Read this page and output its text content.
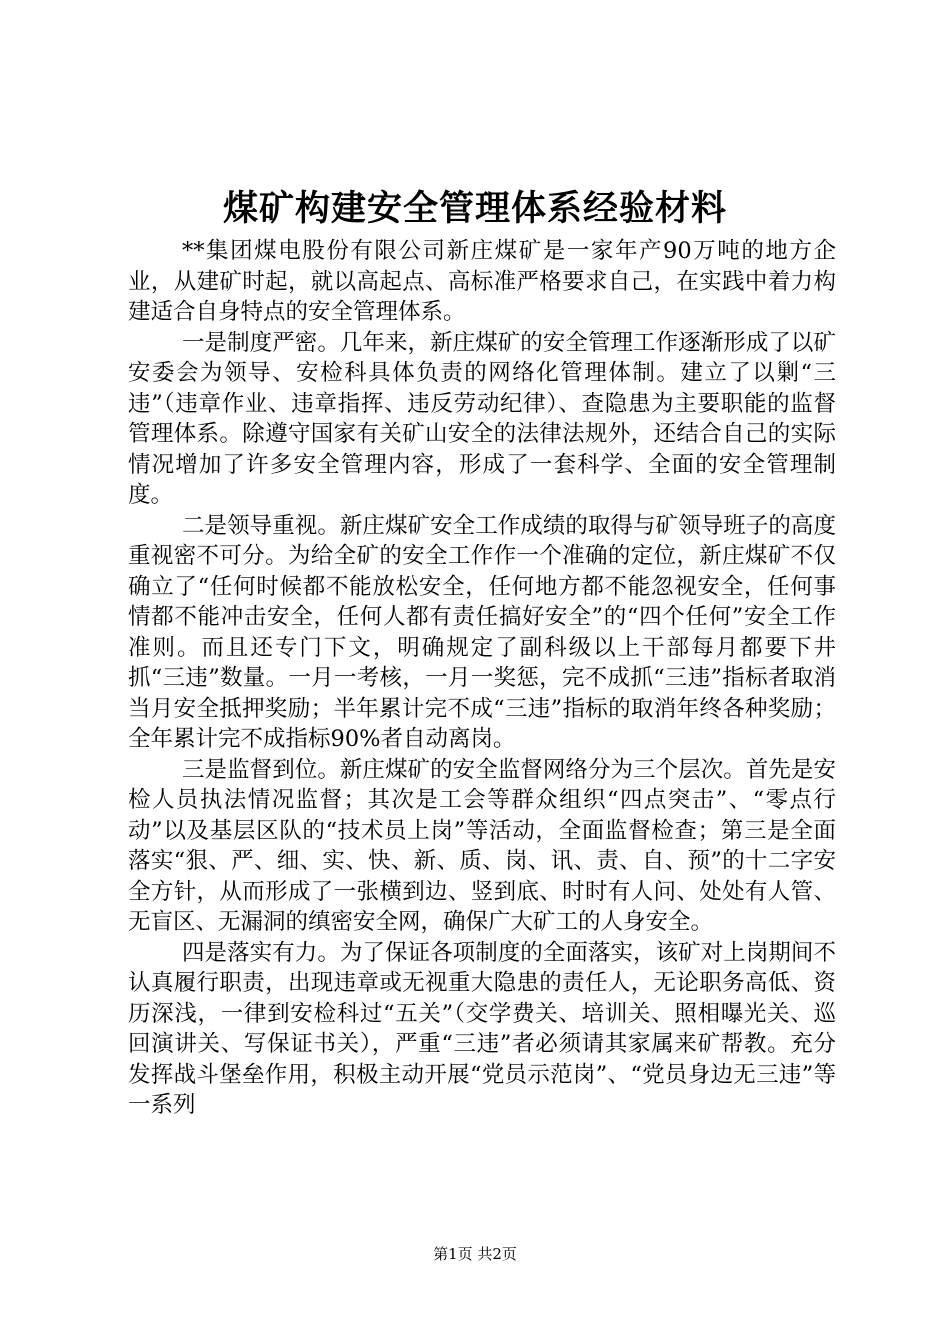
煤矿构建安全管理体系经验材料

**集团煤电股份有限公司新庄煤矿是一家年产90万吨的地方企业，从建矿时起，就以高起点、高标准严格要求自己，在实践中着力构建适合自身特点的安全管理体系。

一是制度严密。几年来，新庄煤矿的安全管理工作逐渐形成了以矿安委会为领导、安检科具体负责的网络化管理体制。建立了以剿“三违”（违章作业、违章指挥、违反劳动纪律）、查隐患为主要职能的监督管理体系。除遵守国家有关矿山安全的法律法规外，还结合自己的实际情况增加了许多安全管理内容，形成了一套科学、全面的安全管理制度。

二是领导重视。新庄煤矿安全工作成绩的取得与矿领导班子的高度重视密不可分。为给全矿的安全工作作一个准确的定位，新庄煤矿不仅确立了“任何时候都不能放松安全，任何地方都不能忽视安全，任何事情都不能冲击安全，任何人都有责任搞好安全”的“四个任何”安全工作准则。而且还专门下文，明确规定了副科级以上干部每月都要下井抓“三违”数量。一月一考核，一月一奖惩，完不成抓“三违”指标者取消当月安全抵押奖励；半年累计完不成“三违”指标的取消年终各种奖励；全年累计完不成指标90%者自动离岗。

三是监督到位。新庄煤矿的安全监督网络分为三个层次。首先是安检人员执法情况监督；其次是工会等群众组织“四点突击”、“零点行动”以及基层区队的“技术员上岗”等活动，全面监督检查；第三是全面落实“狠、严、细、实、快、新、质、岗、讯、责、自、预”的十二字安全方针，从而形成了一张横到边、竖到底、时时有人问、处处有人管、无盲区、无漏洞的缜密安全网，确保广大矿工的人身安全。

四是落实有力。为了保证各项制度的全面落实，该矿对上岗期间不认真履行职责，出现违章或无视重大隐患的责任人，无论职务高低、资历深浅，一律到安检科过“五关”（交学费关、培训关、照相曝光关、巡回演讲关、写保证书关），严重“三违”者必须请其家属来矿帮教。充分发挥战斗堡垒作用，积极主动开展“党员示范岗”、“党员身边无三违”等一系列

第1页 共2页
